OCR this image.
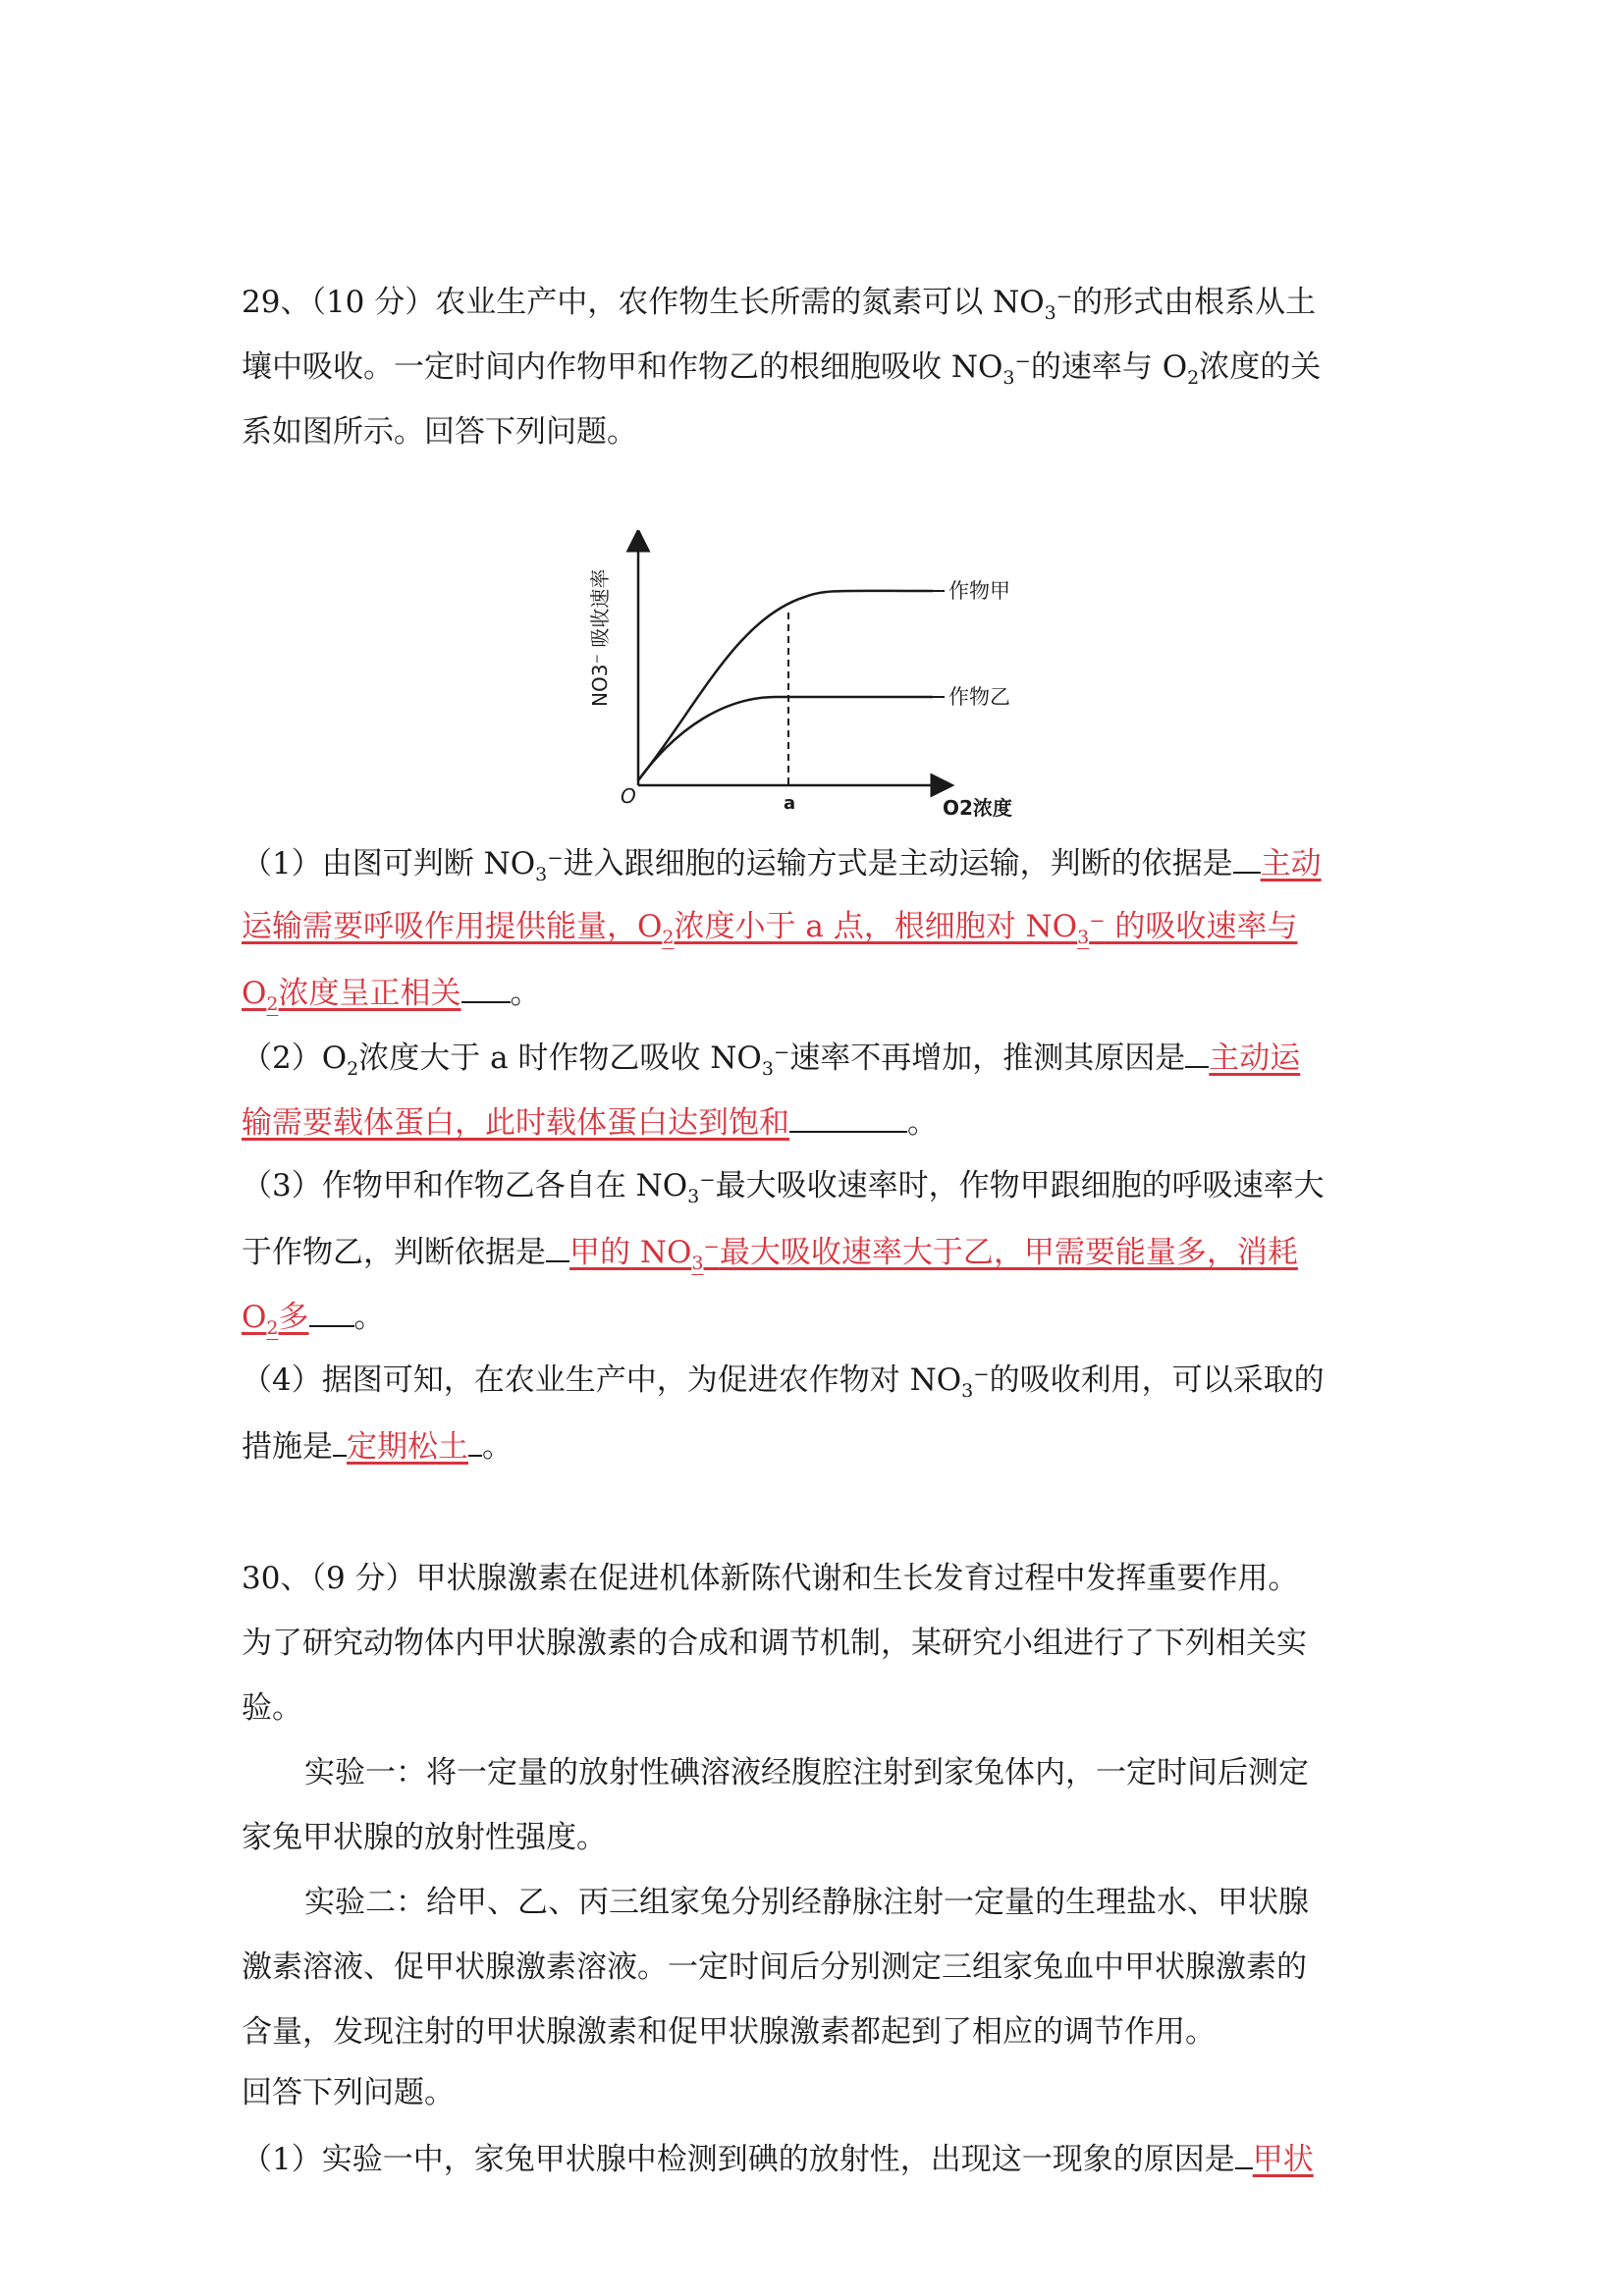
29、（10 分）农业生产中，农作物生长所需的氮素可以 $NO_3^-$的形式由根系从土
壤中吸收。一定时间内作物甲和作物乙的根细胞吸收 $NO_3^-$的速率与 $O_2$浓度的关
系如图所示。回答下列问题。
NO3⁻ 吸收速率
O	a	O2浓度
作物甲
作物乙
（1）由图可判断 $NO_3^-$进入跟细胞的运输方式是主动运输，判断的依据是 主动
运输需要呼吸作用提供能量，$O_2$浓度小于 a 点，根细胞对 $NO_3^-$ 的吸收速率与
$O_2$浓度呈正相关 。
$(2)O_2$浓度大于 a 时作物乙吸收 $NO_3^-$速率不再增加，推测其原因是 主动运
输需要载体蛋白，此时载体蛋白达到饱和	。
（3）作物甲和作物乙各自在 $NO_3^-$最大吸收速率时，作物甲跟细胞的呼吸速率大
于作物乙，判断依据是 甲的 $NO_3^-$最大吸收速率大于乙，甲需要能量多，消耗
$O_2$多 。
（4）据图可知，在农业生产中，为促进农作物对 $NO_3^-$的吸收利用，可以采取的
措施是 定期松土 。
30、（9 分）甲状腺激素在促进机体新陈代谢和生长发育过程中发挥重要作用。
为了研究动物体内甲状腺激素的合成和调节机制，某研究小组进行了下列相关实
验。
实验一：将一定量的放射性碘溶液经腹腔注射到家兔体内，一定时间后测定
家兔甲状腺的放射性强度。
实验二：给甲、乙、丙三组家兔分别经静脉注射一定量的生理盐水、甲状腺
激素溶液、促甲状腺激素溶液。一定时间后分别测定三组家兔血中甲状腺激素的
含量，发现注射的甲状腺激素和促甲状腺激素都起到了相应的调节作用。
回答下列问题。
（1）实验一中，家兔甲状腺中检测到碘的放射性，出现这一现象的原因是 甲状
